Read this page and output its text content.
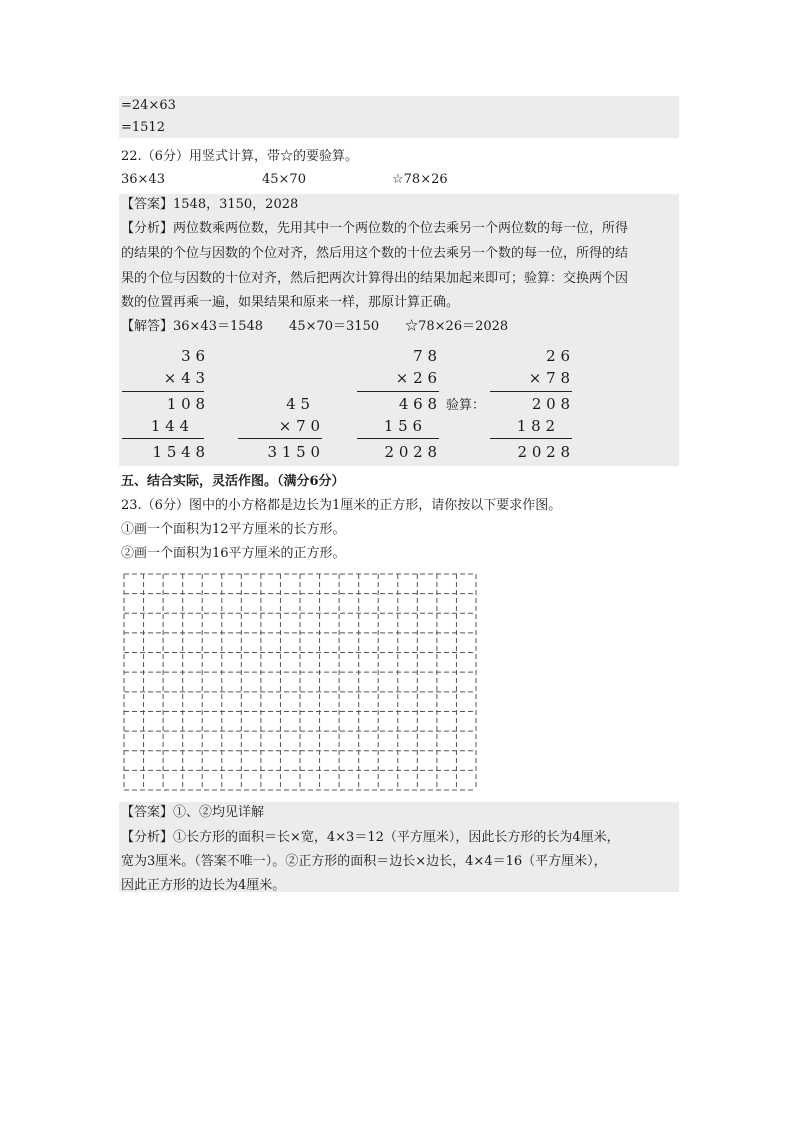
=24×63
=1512
22.（6分）用竖式计算，带☆的要验算。
36×43	45×70	☆78×26
【答案】1548，3150，2028
【分析】两位数乘两位数，先用其中一个两位数的个位去乘另一个两位数的每一位，所得
的结果的个位与因数的个位对齐，然后用这个数的十位去乘另一个数的每一位，所得的结
果的个位与因数的十位对齐，然后把两次计算得出的结果加起来即可；验算：交换两个因
数的位置再乘一遍，如果结果和原来一样，那原计算正确。
【解答】36×43＝1548　　45×70＝3150　　☆78×26＝2028
3 6
× 4 3
1 0 8
1 4 4
1 5 4 8
4 5
× 7 0
3 1 5 0
7 8
× 2 6
4 6 8
1 5 6
2 0 2 8
验算：
2 6
× 7 8
2 0 8
1 8 2
2 0 2 8
五、结合实际，灵活作图。（满分6分）
23.（6分）图中的小方格都是边长为1厘米的正方形，请你按以下要求作图。
①画一个面积为12平方厘米的长方形。
②画一个面积为16平方厘米的正方形。
【答案】①、②均见详解
【分析】①长方形的面积＝长×宽，4×3＝12（平方厘米），因此长方形的长为4厘米，
宽为3厘米。（答案不唯一）。②正方形的面积＝边长×边长，4×4＝16（平方厘米），
因此正方形的边长为4厘米。
